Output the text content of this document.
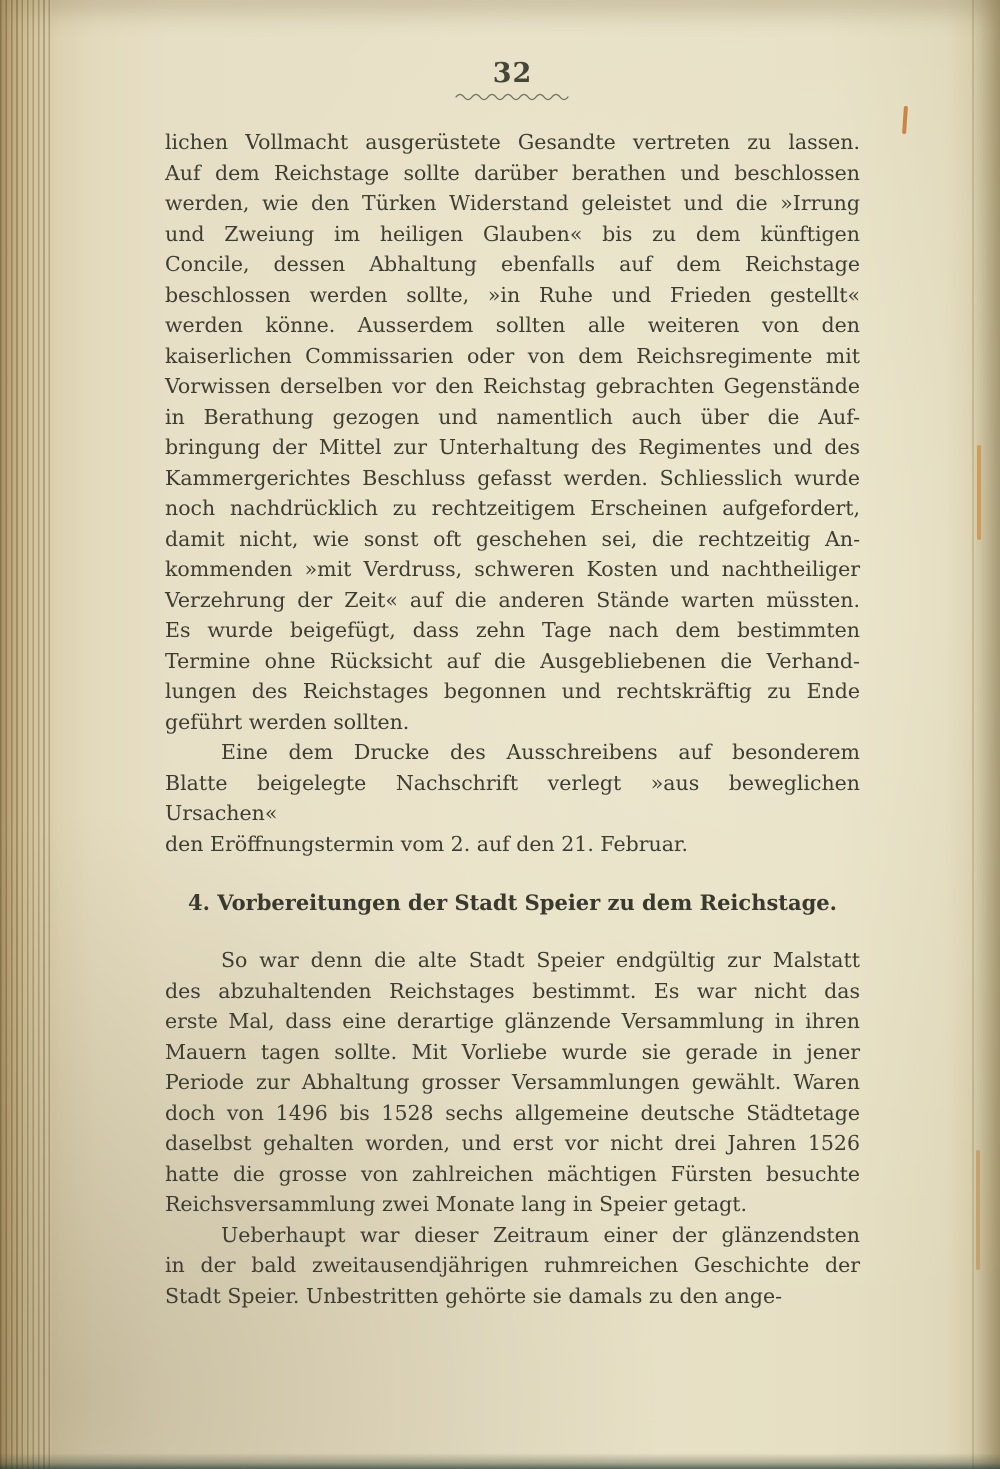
32
lichen Vollmacht ausgerüstete Gesandte vertreten zu lassen.
Auf dem Reichstage sollte darüber berathen und beschlossen
werden, wie den Türken Widerstand geleistet und die »Irrung
und Zweiung im heiligen Glauben« bis zu dem künftigen
Concile, dessen Abhaltung ebenfalls auf dem Reichstage
beschlossen werden sollte, »in Ruhe und Frieden gestellt«
werden könne. Ausserdem sollten alle weiteren von den
kaiserlichen Commissarien oder von dem Reichsregimente mit
Vorwissen derselben vor den Reichstag gebrachten Gegenstände
in Berathung gezogen und namentlich auch über die Auf-
bringung der Mittel zur Unterhaltung des Regimentes und des
Kammergerichtes Beschluss gefasst werden. Schliesslich wurde
noch nachdrücklich zu rechtzeitigem Erscheinen aufgefordert,
damit nicht, wie sonst oft geschehen sei, die rechtzeitig An-
kommenden »mit Verdruss, schweren Kosten und nachtheiliger
Verzehrung der Zeit« auf die anderen Stände warten müssten.
Es wurde beigefügt, dass zehn Tage nach dem bestimmten
Termine ohne Rücksicht auf die Ausgebliebenen die Verhand-
lungen des Reichstages begonnen und rechtskräftig zu Ende
geführt werden sollten.
Eine dem Drucke des Ausschreibens auf besonderem
Blatte beigelegte Nachschrift verlegt »aus beweglichen Ursachen«
den Eröffnungstermin vom 2. auf den 21. Februar.
4. Vorbereitungen der Stadt Speier zu dem Reichstage.
So war denn die alte Stadt Speier endgültig zur Malstatt
des abzuhaltenden Reichstages bestimmt. Es war nicht das
erste Mal, dass eine derartige glänzende Versammlung in ihren
Mauern tagen sollte. Mit Vorliebe wurde sie gerade in jener
Periode zur Abhaltung grosser Versammlungen gewählt. Waren
doch von 1496 bis 1528 sechs allgemeine deutsche Städtetage
daselbst gehalten worden, und erst vor nicht drei Jahren 1526
hatte die grosse von zahlreichen mächtigen Fürsten besuchte
Reichsversammlung zwei Monate lang in Speier getagt.
Ueberhaupt war dieser Zeitraum einer der glänzendsten
in der bald zweitausendjährigen ruhmreichen Geschichte der
Stadt Speier. Unbestritten gehörte sie damals zu den ange-
